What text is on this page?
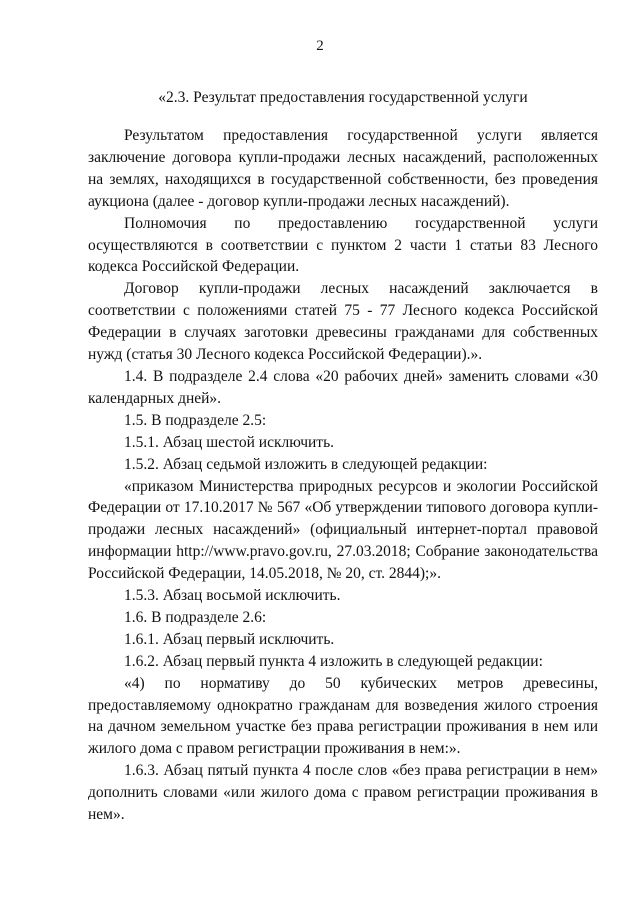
2
«2.3. Результат предоставления государственной услуги

Результатом предоставления государственной услуги является заключение договора купли-продажи лесных насаждений, расположенных на землях, находящихся в государственной собственности, без проведения аукциона (далее - договор купли-продажи лесных насаждений).

Полномочия по предоставлению государственной услуги осуществляются в соответствии с пунктом 2 части 1 статьи 83 Лесного кодекса Российской Федерации.

Договор купли-продажи лесных насаждений заключается в соответствии с положениями статей 75 - 77 Лесного кодекса Российской Федерации в случаях заготовки древесины гражданами для собственных нужд (статья 30 Лесного кодекса Российской Федерации).».

1.4. В подразделе 2.4 слова «20 рабочих дней» заменить словами «30 календарных дней».

1.5. В подразделе 2.5:

1.5.1. Абзац шестой исключить.

1.5.2. Абзац седьмой изложить в следующей редакции:

«приказом Министерства природных ресурсов и экологии Российской Федерации от 17.10.2017 № 567 «Об утверждении типового договора купли-продажи лесных насаждений» (официальный интернет-портал правовой информации http://www.pravo.gov.ru, 27.03.2018; Собрание законодательства Российской Федерации, 14.05.2018, № 20, ст. 2844);».

1.5.3. Абзац восьмой исключить.

1.6. В подразделе 2.6:

1.6.1. Абзац первый исключить.

1.6.2. Абзац первый пункта 4 изложить в следующей редакции:

«4) по нормативу до 50 кубических метров древесины, предоставляемому однократно гражданам для возведения жилого строения на дачном земельном участке без права регистрации проживания в нем или жилого дома с правом регистрации проживания в нем:».

1.6.3. Абзац пятый пункта 4 после слов «без права регистрации в нем» дополнить словами «или жилого дома с правом регистрации проживания в нем».
